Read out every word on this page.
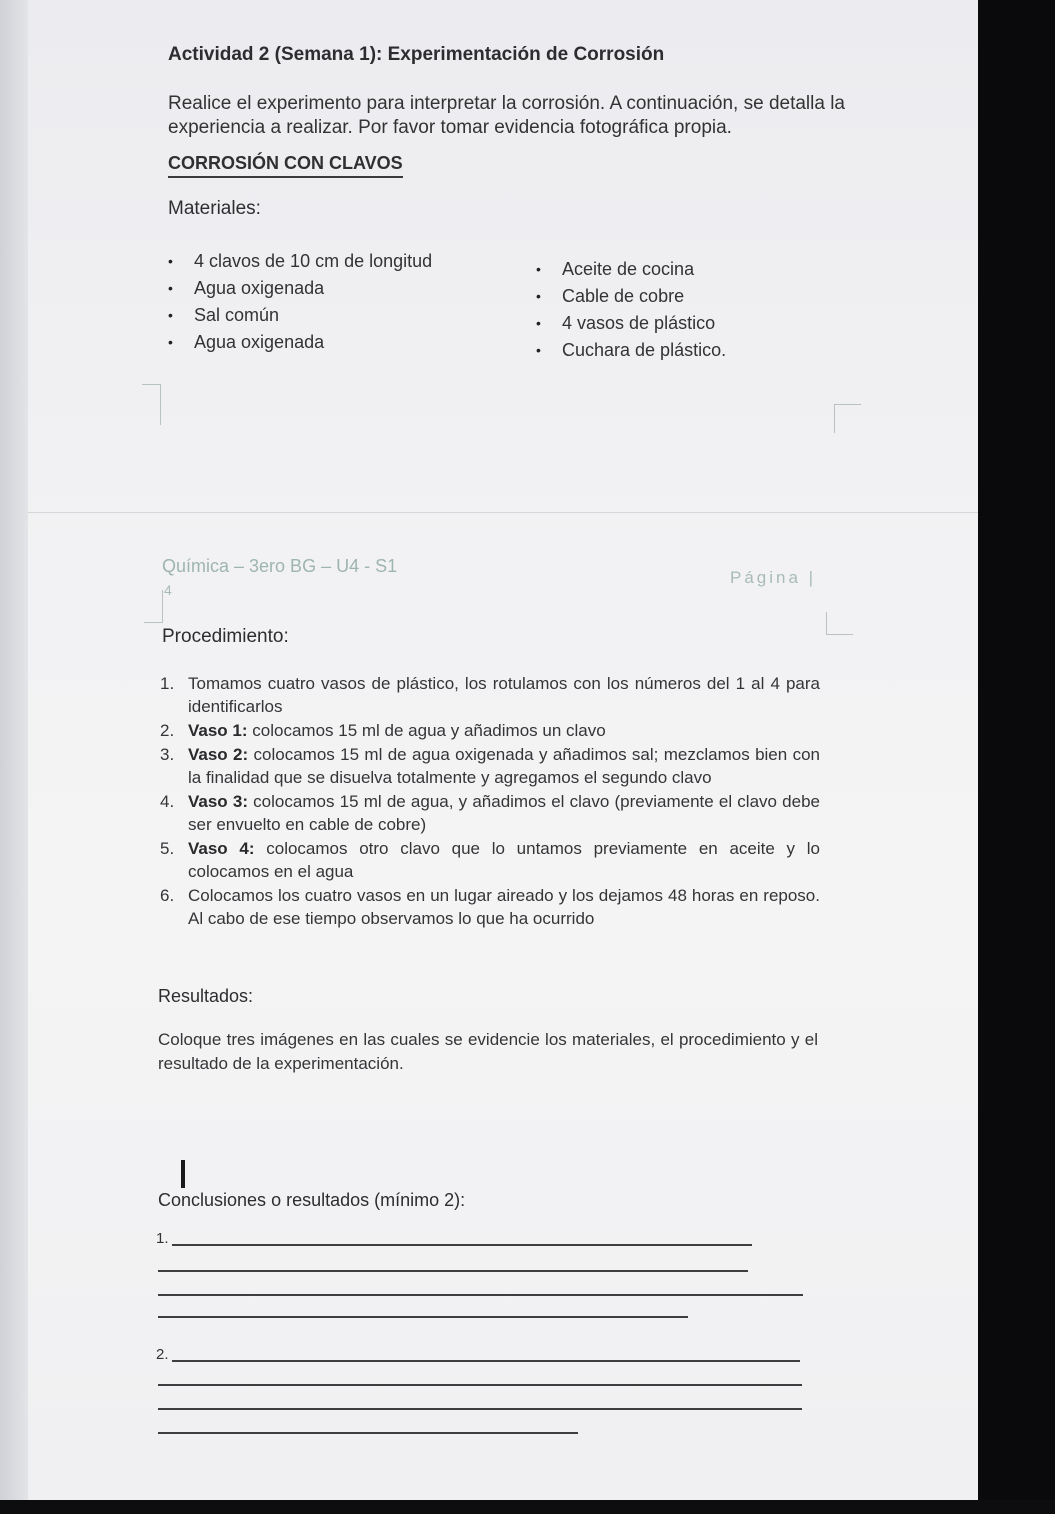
Actividad 2 (Semana 1): Experimentación de Corrosión
Realice el experimento para interpretar la corrosión. A continuación, se detalla la experiencia a realizar. Por favor tomar evidencia fotográfica propia.
CORROSIÓN CON CLAVOS
Materiales:
• 4 clavos de 10 cm de longitud
• Agua oxigenada
• Sal común
• Agua oxigenada
• Aceite de cocina
• Cable de cobre
• 4 vasos de plástico
• Cuchara de plástico.
Química – 3ero BG – U4 - S1
4
Página |
Procedimiento:
1. Tomamos cuatro vasos de plástico, los rotulamos con los números del 1 al 4 para identificarlos
2. Vaso 1: colocamos 15 ml de agua y añadimos un clavo
3. Vaso 2: colocamos 15 ml de agua oxigenada y añadimos sal; mezclamos bien con la finalidad que se disuelva totalmente y agregamos el segundo clavo
4. Vaso 3: colocamos 15 ml de agua, y añadimos el clavo (previamente el clavo debe ser envuelto en cable de cobre)
5. Vaso 4: colocamos otro clavo que lo untamos previamente en aceite y lo colocamos en el agua
6. Colocamos los cuatro vasos en un lugar aireado y los dejamos 48 horas en reposo. Al cabo de ese tiempo observamos lo que ha ocurrido
Resultados:
Coloque tres imágenes en las cuales se evidencie los materiales, el procedimiento y el resultado de la experimentación.
Conclusiones o resultados (mínimo 2):
1.
2.
